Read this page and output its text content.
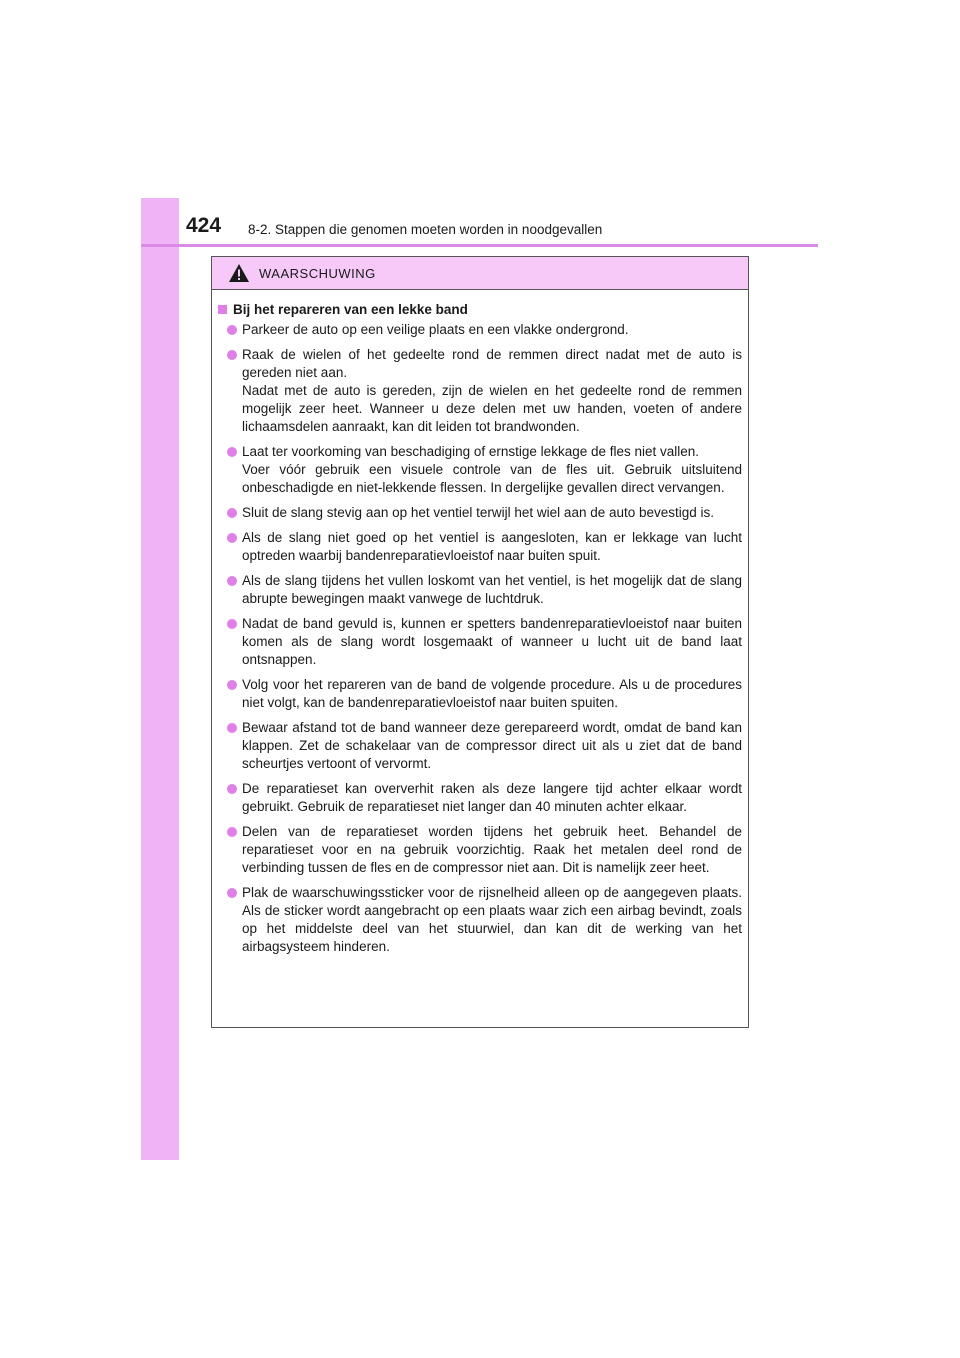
424 8-2. Stappen die genomen moeten worden in noodgevallen
WAARSCHUWING
Bij het repareren van een lekke band
Parkeer de auto op een veilige plaats en een vlakke ondergrond.
Raak de wielen of het gedeelte rond de remmen direct nadat met de auto is gereden niet aan.
Nadat met de auto is gereden, zijn de wielen en het gedeelte rond de remmen mogelijk zeer heet. Wanneer u deze delen met uw handen, voeten of andere lichaamsdelen aanraakt, kan dit leiden tot brandwonden.
Laat ter voorkoming van beschadiging of ernstige lekkage de fles niet vallen.
Voer vóór gebruik een visuele controle van de fles uit. Gebruik uitsluitend onbeschadigde en niet-lekkende flessen. In dergelijke gevallen direct vervangen.
Sluit de slang stevig aan op het ventiel terwijl het wiel aan de auto bevestigd is.
Als de slang niet goed op het ventiel is aangesloten, kan er lekkage van lucht optreden waarbij bandenreparatievloeistof naar buiten spuit.
Als de slang tijdens het vullen loskomt van het ventiel, is het mogelijk dat de slang abrupte bewegingen maakt vanwege de luchtdruk.
Nadat de band gevuld is, kunnen er spetters bandenreparatievloeistof naar buiten komen als de slang wordt losgemaakt of wanneer u lucht uit de band laat ontsnappen.
Volg voor het repareren van de band de volgende procedure. Als u de procedures niet volgt, kan de bandenreparatievloeistof naar buiten spuiten.
Bewaar afstand tot de band wanneer deze gerepareerd wordt, omdat de band kan klappen. Zet de schakelaar van de compressor direct uit als u ziet dat de band scheurtjes vertoont of vervormt.
De reparatieset kan oververhit raken als deze langere tijd achter elkaar wordt gebruikt. Gebruik de reparatieset niet langer dan 40 minuten achter elkaar.
Delen van de reparatieset worden tijdens het gebruik heet. Behandel de reparatieset voor en na gebruik voorzichtig. Raak het metalen deel rond de verbinding tussen de fles en de compressor niet aan. Dit is namelijk zeer heet.
Plak de waarschuwingssticker voor de rijsnelheid alleen op de aangegeven plaats. Als de sticker wordt aangebracht op een plaats waar zich een airbag bevindt, zoals op het middelste deel van het stuurwiel, dan kan dit de werking van het airbagsysteem hinderen.
